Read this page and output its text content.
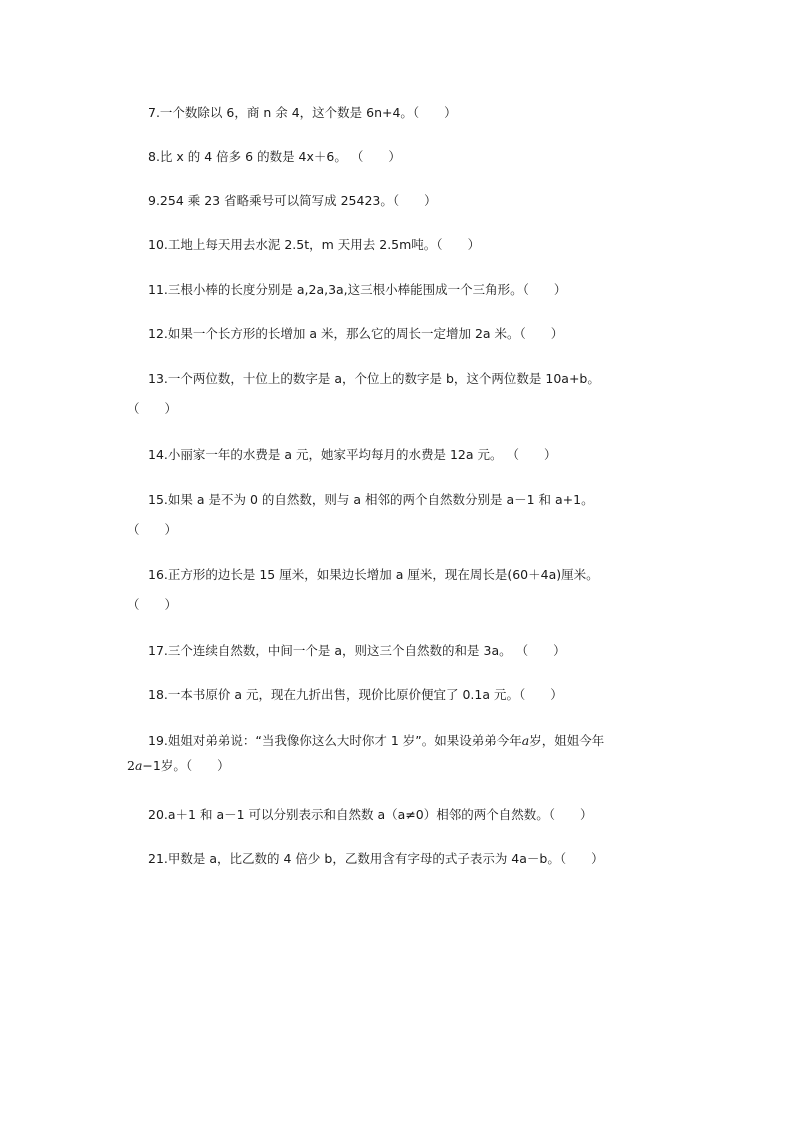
7.一个数除以 6，商 n 余 4，这个数是 6n+4。（　　）
8.比 x 的 4 倍多 6 的数是 4x＋6。 （　　）
9.254 乘 23 省略乘号可以简写成 25423。（　　）
10.工地上每天用去水泥 2.5t，m 天用去 2.5m吨。（　　）
11.三根小棒的长度分别是 a,2a,3a,这三根小棒能围成一个三角形。（　　）
12.如果一个长方形的长增加 a 米，那么它的周长一定增加 2a 米。（　　）
13.一个两位数，十位上的数字是 a，个位上的数字是 b，这个两位数是 10a+b。
（　　）
14.小丽家一年的水费是 a 元，她家平均每月的水费是 12a 元。 （　　）
15.如果 a 是不为 0 的自然数，则与 a 相邻的两个自然数分别是 a－1 和 a+1。
（　　）
16.正方形的边长是 15 厘米，如果边长增加 a 厘米，现在周长是(60＋4a)厘米。
（　　）
17.三个连续自然数，中间一个是 a，则这三个自然数的和是 3a。 （　　）
18.一本书原价 a 元，现在九折出售，现价比原价便宜了 0.1a 元。（　　）
19.姐姐对弟弟说：“当我像你这么大时你才 1 岁”。如果设弟弟今年a岁，姐姐今年
2a−1岁。（　　）
20.a＋1 和 a－1 可以分别表示和自然数 a（a≠0）相邻的两个自然数。（　　）
21.甲数是 a，比乙数的 4 倍少 b，乙数用含有字母的式子表示为 4a－b。（　　）
